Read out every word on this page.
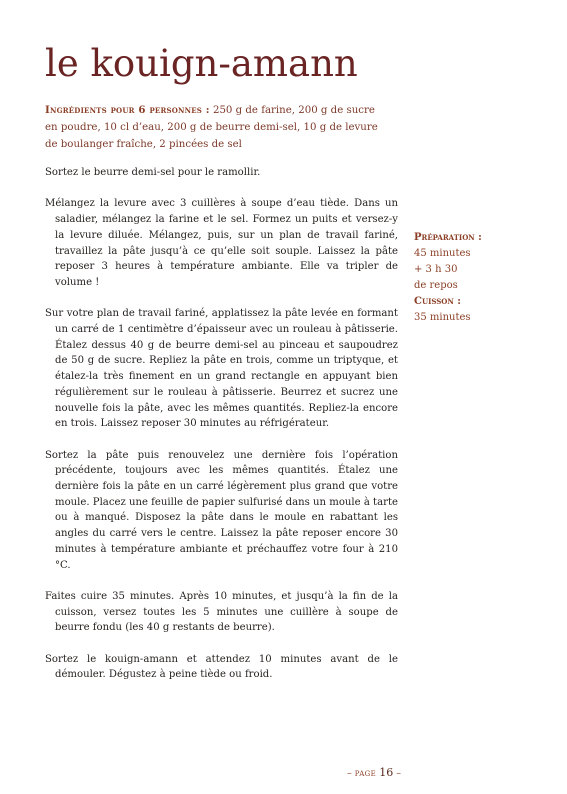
le kouign-amann
Ingrédients pour 6 personnes : 250 g de farine, 200 g de sucre en poudre, 10 cl d’eau, 200 g de beurre demi-sel, 10 g de levure de boulanger fraîche, 2 pincées de sel

Sortez le beurre demi-sel pour le ramollir.

Mélangez la levure avec 3 cuillères à soupe d’eau tiède. Dans un saladier, mélangez la farine et le sel. Formez un puits et versez-y la levure diluée. Mélangez, puis, sur un plan de travail fariné, travaillez la pâte jusqu’à ce qu’elle soit souple. Laissez la pâte reposer 3 heures à température ambiante. Elle va tripler de volume !

Sur votre plan de travail fariné, applatissez la pâte levée en formant un carré de 1 centimètre d’épaisseur avec un rouleau à pâtisserie. Étalez dessus 40 g de beurre demi-sel au pinceau et saupoudrez de 50 g de sucre. Repliez la pâte en trois, comme un triptyque, et étalez-la très finement en un grand rectangle en appuyant bien régulièrement sur le rouleau à pâtisserie. Beurrez et sucrez une nouvelle fois la pâte, avec les mêmes quantités. Repliez-la encore en trois. Laissez reposer 30 minutes au réfrigérateur.

Sortez la pâte puis renouvelez une dernière fois l’opération précédente, toujours avec les mêmes quantités. Étalez une dernière fois la pâte en un carré légèrement plus grand que votre moule. Placez une feuille de papier sulfurisé dans un moule à tarte ou à manqué. Disposez la pâte dans le moule en rabattant les angles du carré vers le centre. Laissez la pâte reposer encore 30 minutes à température ambiante et préchauffez votre four à 210 °C.

Faites cuire 35 minutes. Après 10 minutes, et jusqu’à la fin de la cuisson, versez toutes les 5 minutes une cuillère à soupe de beurre fondu (les 40 g restants de beurre).

Sortez le kouign-amann et attendez 10 minutes avant de le démouler. Dégustez à peine tiède ou froid.

Préparation :
45 minutes
+ 3 h 30
de repos
Cuisson :
35 minutes
– page 16 –
